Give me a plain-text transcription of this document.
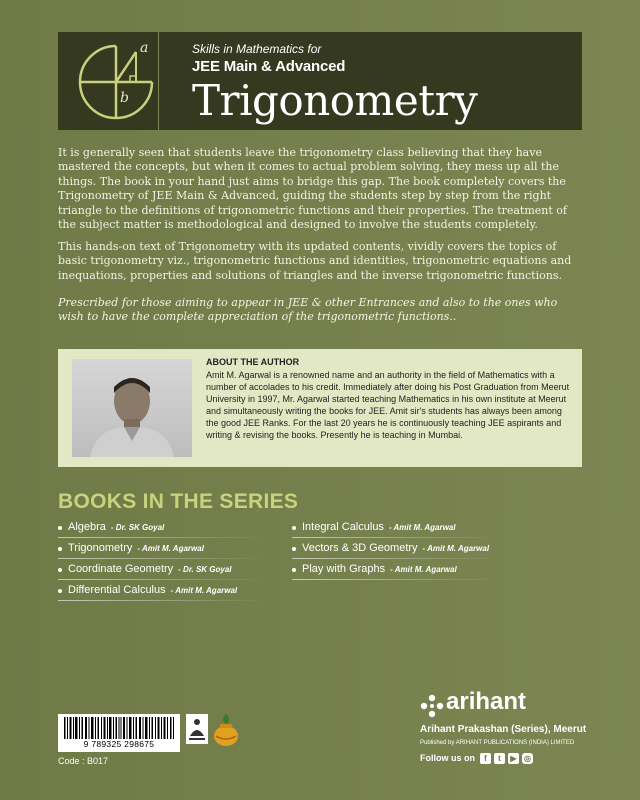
a
b
Skills in Mathematics for
JEE Main & Advanced
Trigonometry
It is generally seen that students leave the trigonometry class believing that they have mastered the concepts, but when it comes to actual problem solving, they mess up all the things. The book in your hand just aims to bridge this gap. The book completely covers the Trigonometry of JEE Main & Advanced, guiding the students step by step from the right triangle to the definitions of trigonometric functions and their properties. The treatment of the subject matter is methodological and designed to involve the students completely.
This hands-on text of Trigonometry with its updated contents, vividly covers the topics of basic trigonometry viz., trigonometric functions and identities, trigonometric equations and inequations, properties and solutions of triangles and the inverse trigonometric functions.
Prescribed for those aiming to appear in JEE & other Entrances and also to the ones who wish to have the complete appreciation of the trigonometric functions..
ABOUT THE AUTHOR
Amit M. Agarwal is a renowned name and an authority in the field of Mathematics with a number of accolades to his credit. Immediately after doing his Post Graduation from Meerut University in 1997, Mr. Agarwal started teaching Mathematics in his own institute at Meerut and simultaneously writing the books for JEE. Amit sir's students has always been among the good JEE Ranks. For the last 20 years he is continuously teaching JEE aspirants and writing & revising the books. Presently he is teaching in Mumbai.
BOOKS IN THE SERIES
Algebra - Dr. SK Goyal
Trigonometry - Amit M. Agarwal
Coordinate Geometry - Dr. SK Goyal
Differential Calculus - Amit M. Agarwal
Integral Calculus - Amit M. Agarwal
Vectors & 3D Geometry - Amit M. Agarwal
Play with Graphs - Amit M. Agarwal
9 789325 298675
Code : B017
arihant
Arihant Prakashan (Series), Meerut
Published by ARIHANT PUBLICATIONS (INDIA) LIMITED
Follow us on	f	t	▶ ◎
